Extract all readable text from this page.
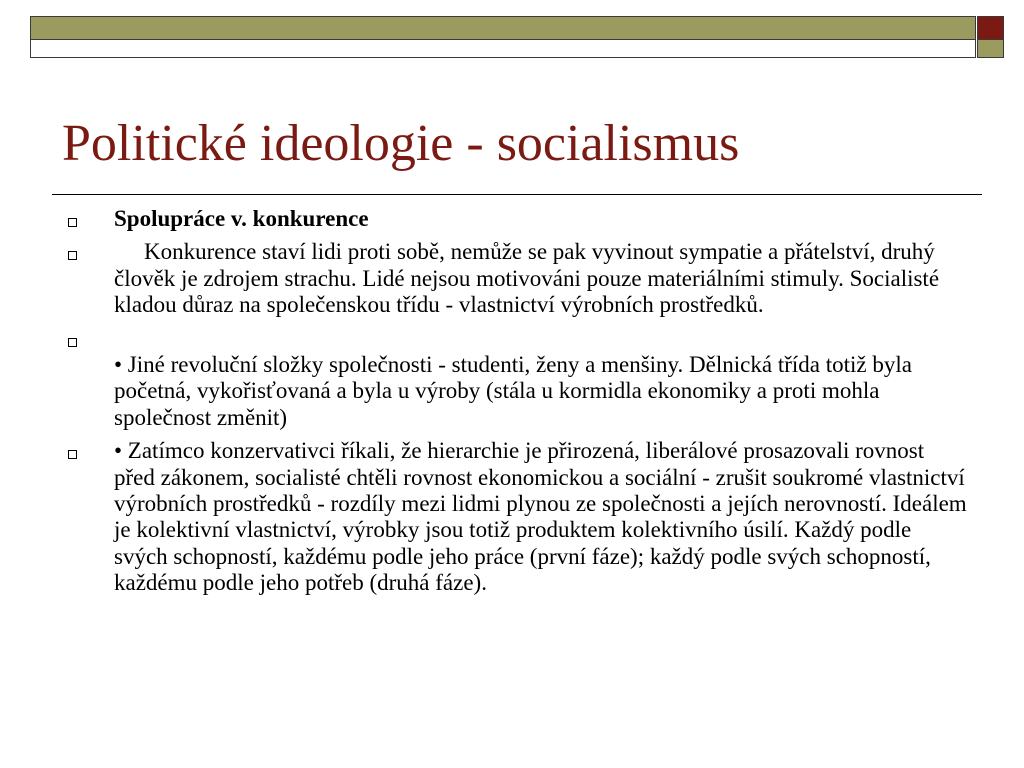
Politické ideologie - socialismus
Spolupráce v. konkurence
Konkurence staví lidi proti sobě, nemůže se pak vyvinout sympatie a přátelství, druhý člověk je zdrojem strachu. Lidé nejsou motivováni pouze materiálními stimuly. Socialisté kladou důraz na společenskou třídu - vlastnictví výrobních prostředků.
• Jiné revoluční složky společnosti - studenti, ženy a menšiny. Dělnická třída totiž byla početná, vykořisťovaná a byla u výroby (stála u kormidla ekonomiky a proti mohla společnost změnit)
• Zatímco konzervativci říkali, že hierarchie je přirozená, liberálové prosazovali rovnost před zákonem, socialisté chtěli rovnost ekonomickou a sociální - zrušit soukromé vlastnictví výrobních prostředků - rozdíly mezi lidmi plynou ze společnosti a jejích nerovností. Ideálem je kolektivní vlastnictví, výrobky jsou totiž produktem kolektivního úsilí. Každý podle svých schopností, každému podle jeho práce (první fáze); každý podle svých schopností, každému podle jeho potřeb (druhá fáze).
